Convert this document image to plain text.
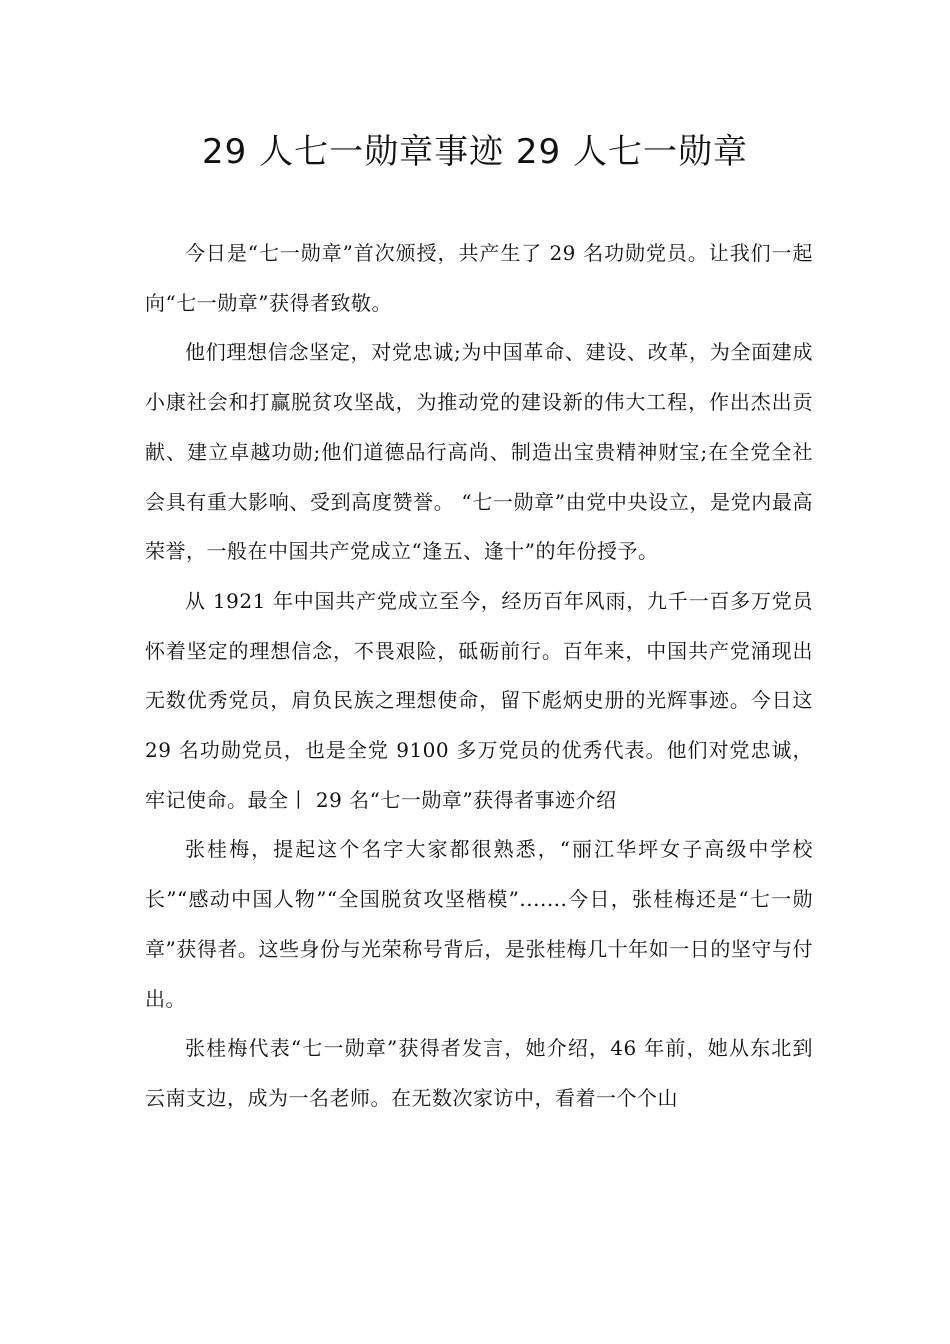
29 人七一勋章事迹 29 人七一勋章

今日是“七一勋章”首次颁授，共产生了 29 名功勋党员。让我们一起向“七一勋章”获得者致敬。

他们理想信念坚定，对党忠诚;为中国革命、建设、改革，为全面建成小康社会和打赢脱贫攻坚战，为推动党的建设新的伟大工程，作出杰出贡献、建立卓越功勋;他们道德品行高尚、制造出宝贵精神财宝;在全党全社会具有重大影响、受到高度赞誉。 “七一勋章”由党中央设立，是党内最高荣誉，一般在中国共产党成立“逢五、逢十”的年份授予。

从 1921 年中国共产党成立至今，经历百年风雨，九千一百多万党员怀着坚定的理想信念，不畏艰险，砥砺前行。百年来，中国共产党涌现出无数优秀党员，肩负民族之理想使命，留下彪炳史册的光辉事迹。今日这 29 名功勋党员，也是全党 9100 多万党员的优秀代表。他们对党忠诚，牢记使命。最全丨 29 名“七一勋章”获得者事迹介绍

张桂梅，提起这个名字大家都很熟悉，“丽江华坪女子高级中学校长”“感动中国人物”“全国脱贫攻坚楷模”.......今日，张桂梅还是“七一勋章”获得者。这些身份与光荣称号背后，是张桂梅几十年如一日的坚守与付出。

张桂梅代表“七一勋章”获得者发言，她介绍，46 年前，她从东北到云南支边，成为一名老师。在无数次家访中，看着一个个山
